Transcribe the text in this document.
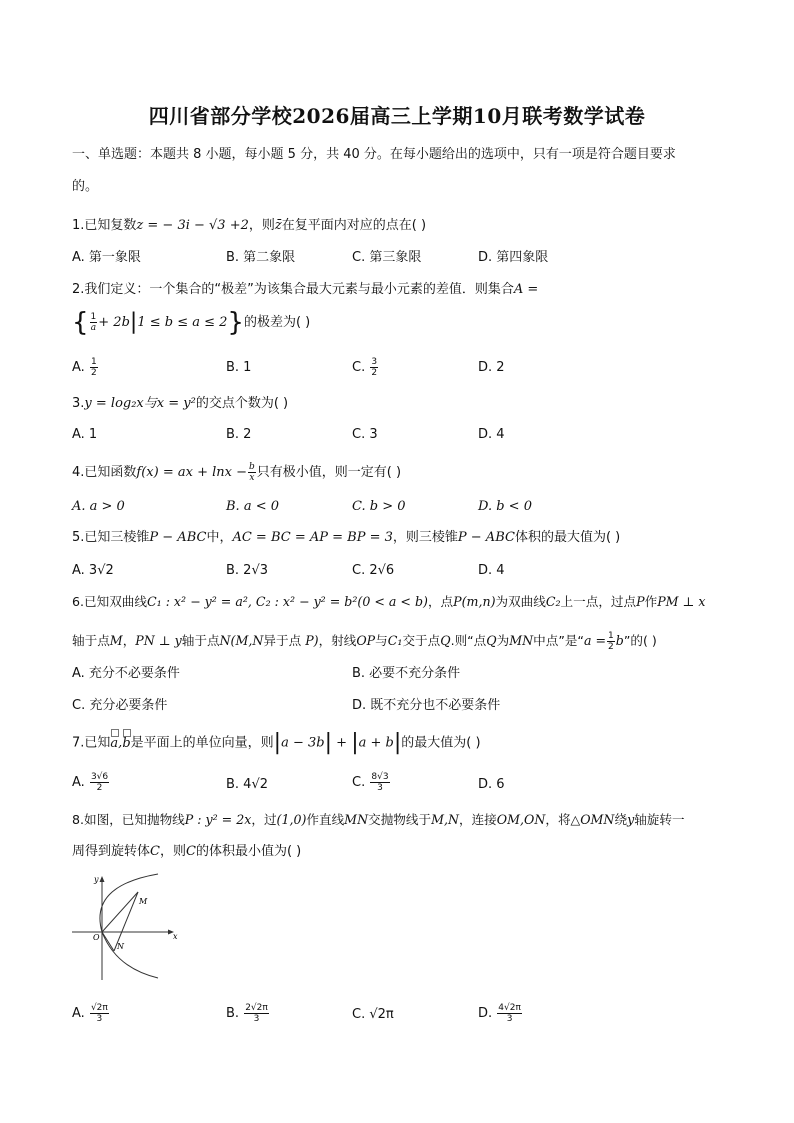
四川省部分学校2026届高三上学期10月联考数学试卷
一、单选题：本题共 8 小题，每小题 5 分，共 40 分。在每小题给出的选项中，只有一项是符合题目要求
的。
1.已知复数z = − 3i − √3 +2，则z̄在复平面内对应的点在( )
A. 第一象限	B. 第二象限	C. 第三象限	D. 第四象限
2.我们定义：一个集合的“极差”为该集合最大元素与最小元素的差值．则集合A =
{ $\frac{1}{a} + 2b|1 \le b \le a \le 2$}的极差为( )
A. $\frac{1}{2}$	B. 1	C. $\frac{3}{2}$	D. 2
3.y = log₂x与x = y²的交点个数为( )
A. 1	B. 2	C. 3	D. 4
4.已知函数f(x) = ax + $\ln x - \frac{b}{x}$ 只有极小值，则一定有( )
A. a > 0	B. a < 0	C. b > 0	D. b < 0
5.已知三棱锥P − ABC中，AC = BC = AP = BP = 3，则三棱锥P − ABC体积的最大值为( )
A. 3√2	B. 2√3	C. 2√6	D. 4
6.已知双曲线C₁ : x² − y² = a², C₂ : x² − y² = b²(0 < a < b)，点P(m,n)为双曲线C₂上一点，过点P作PM ⊥ x
轴于点M，PN ⊥ y轴于点N(M,N异于点 P)，射线OP与C₁交于点Q.则“点Q为MN中点”是“$a = \frac{1}{2} b$”的( )
A. 充分不必要条件	B. 必要不充分条件
C. 充分必要条件	D. 既不充分也不必要条件
7.已知a,b是平面上的单位向量，则|a − 3b| + |a + b|的最大值为( )
A. $\frac{3√6}{2}$	B. 4√2	C. $\frac{8√3}{3}$	D. 6
8.如图，已知抛物线P : y² = 2x，过(1,0)作直线MN交抛物线于M,N，连接OM,ON，将△OMN绕y轴旋转一
周得到旋转体C，则C的体积最小值为( )
y
x
O
M
N
A. $\frac{√2\pi}{3}$	B. $\frac{2√2\pi}{3}$	C. √2π	D. $\frac{4√2\pi}{3}$
